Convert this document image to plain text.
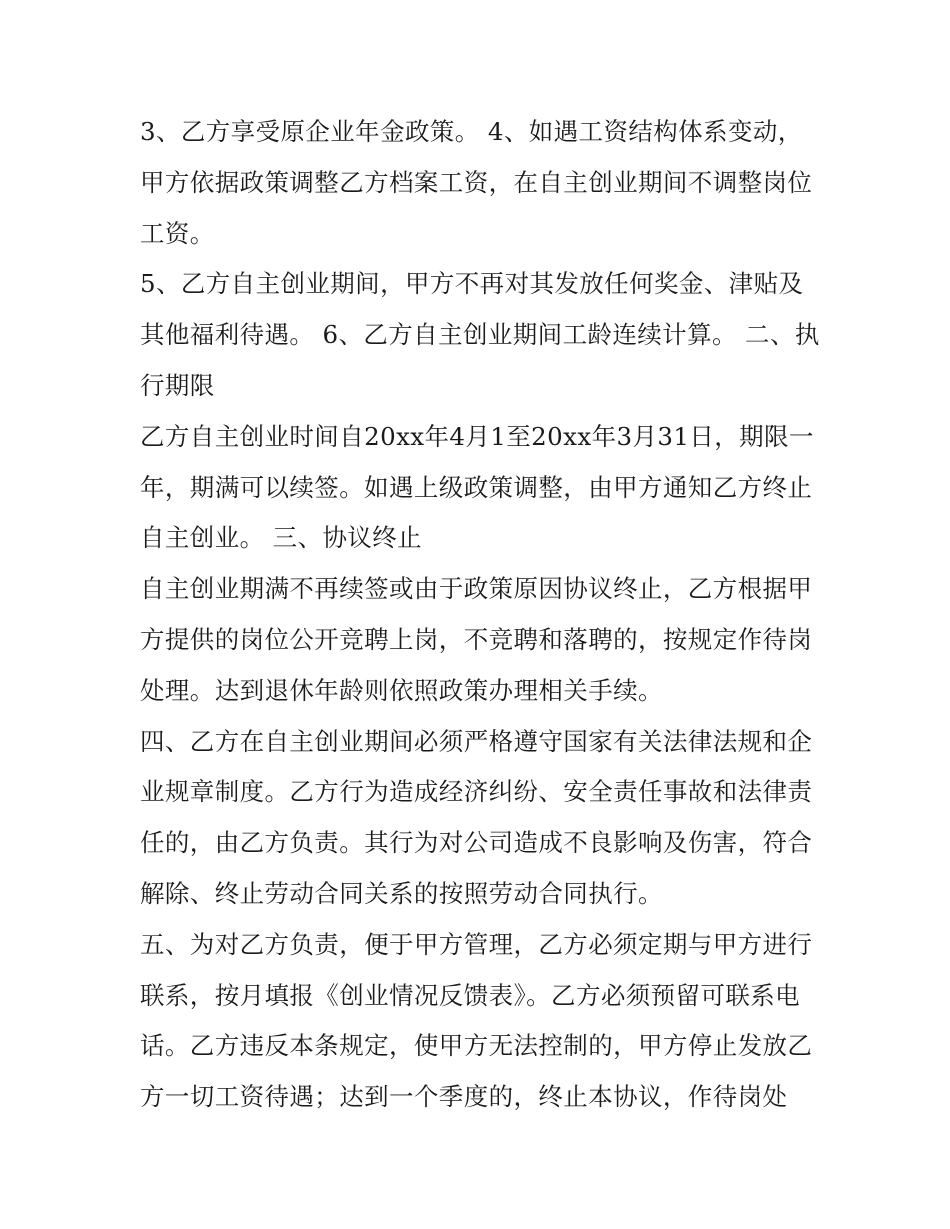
3、乙方享受原企业年金政策。 4、如遇工资结构体系变动，甲方依据政策调整乙方档案工资，在自主创业期间不调整岗位工资。

5、乙方自主创业期间，甲方不再对其发放任何奖金、津贴及其他福利待遇。 6、乙方自主创业期间工龄连续计算。 二、执行期限

乙方自主创业时间自20xx年4月1至20xx年3月31日，期限一年，期满可以续签。如遇上级政策调整，由甲方通知乙方终止自主创业。 三、协议终止

自主创业期满不再续签或由于政策原因协议终止，乙方根据甲方提供的岗位公开竞聘上岗，不竞聘和落聘的，按规定作待岗处理。达到退休年龄则依照政策办理相关手续。

四、乙方在自主创业期间必须严格遵守国家有关法律法规和企业规章制度。乙方行为造成经济纠纷、安全责任事故和法律责任的，由乙方负责。其行为对公司造成不良影响及伤害，符合解除、终止劳动合同关系的按照劳动合同执行。

五、为对乙方负责，便于甲方管理，乙方必须定期与甲方进行联系，按月填报《创业情况反馈表》。乙方必须预留可联系电话。乙方违反本条规定，使甲方无法控制的，甲方停止发放乙方一切工资待遇；达到一个季度的，终止本协议，作待岗处
